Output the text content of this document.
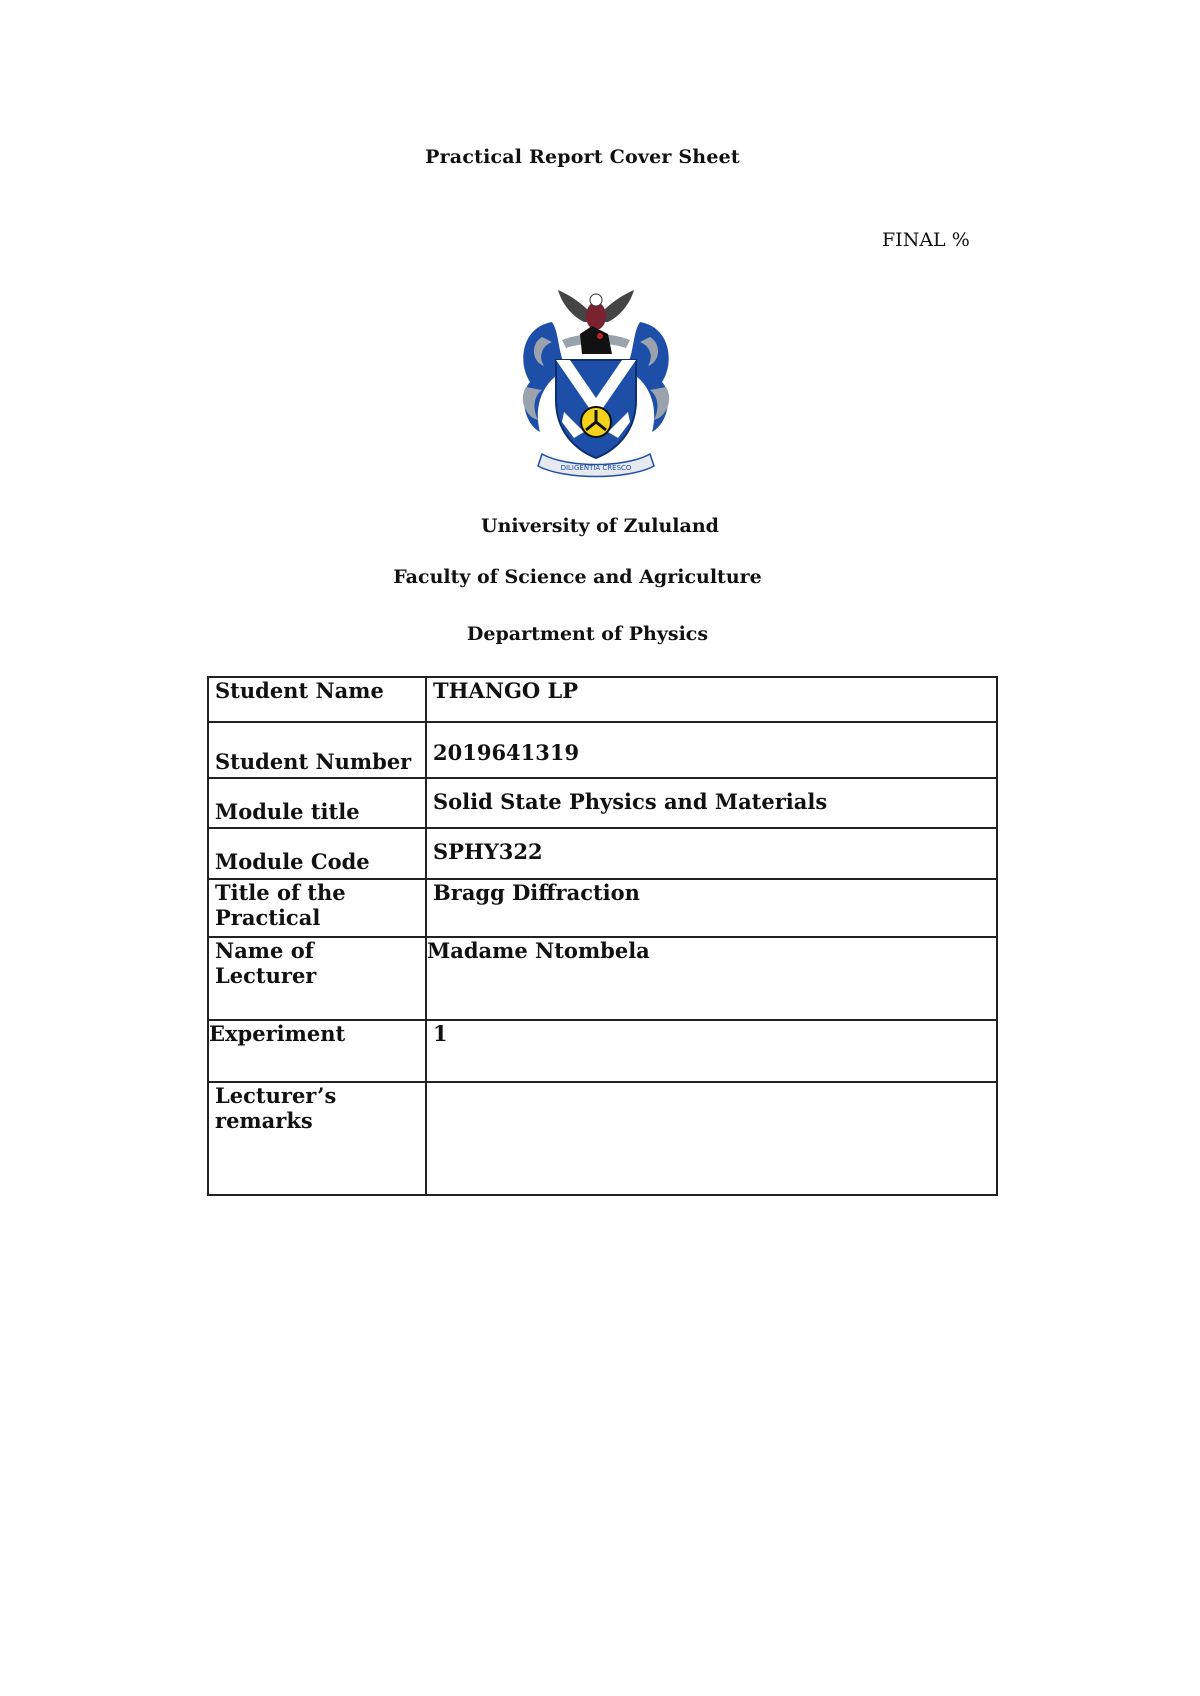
Practical Report Cover Sheet
FINAL %
DILIGENTIA CRESCO
University of Zululand
Faculty of Science and Agriculture
Department of Physics
Student Name	THANGO LP
Student Number	2019641319
Module title	Solid State Physics and Materials
Module Code	SPHY322
Title of the Practical	Bragg Diffraction
Name of Lecturer	Madame Ntombela
Experiment	1
Lecturer’s remarks	
